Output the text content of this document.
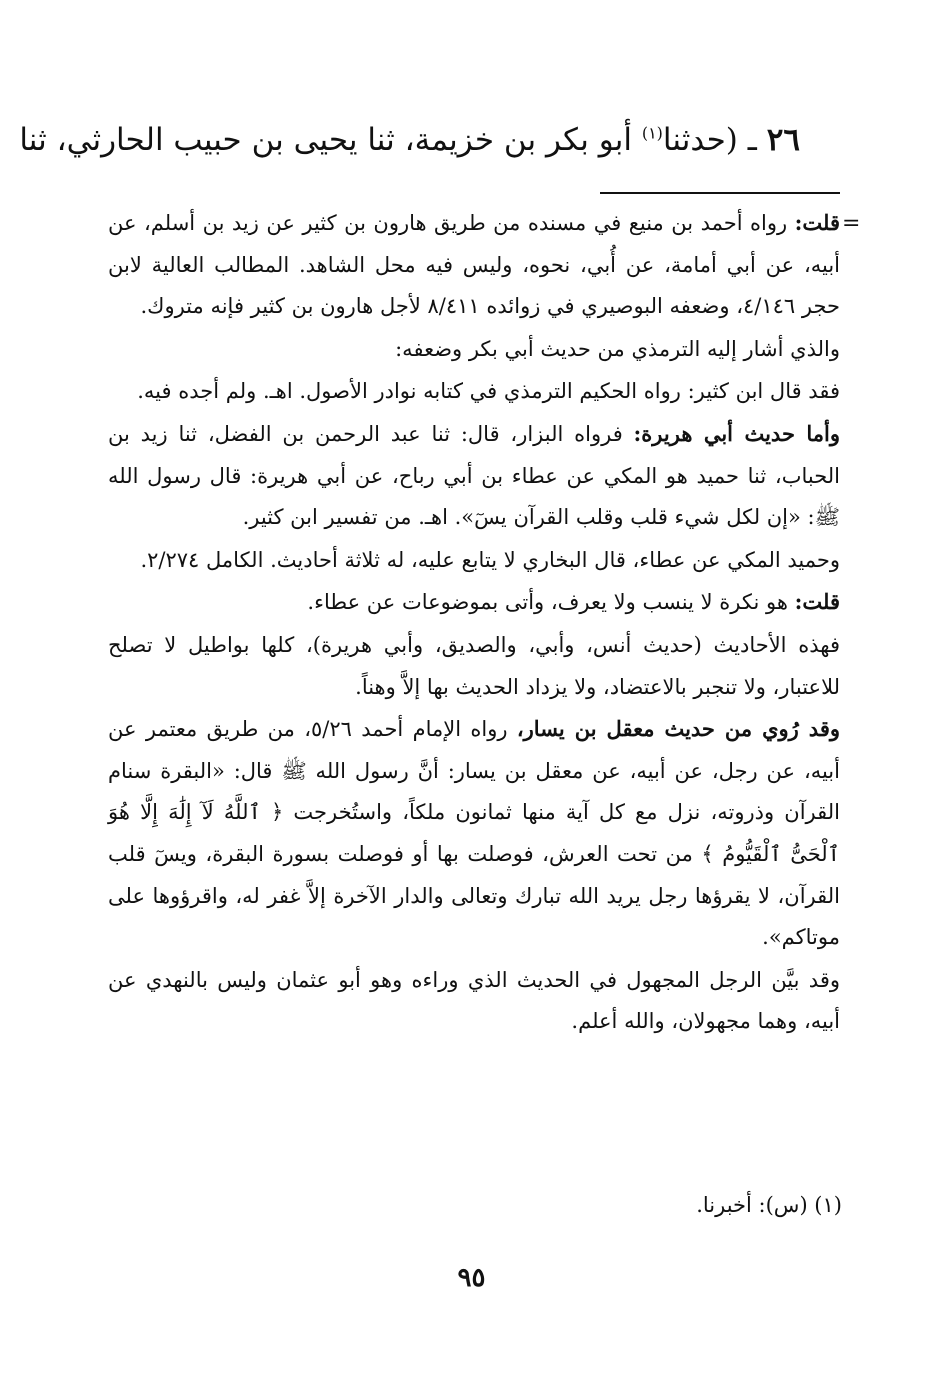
٢٦ ـ (حدثنا$^{(١)}$ أبو بكر بن خزيمة، ثنا يحيى بن حبيب الحارثي، ثنا
=

قلت: رواه أحمد بن منيع في مسنده من طريق هارون بن كثير عن زيد بن أسلم، عن أبيه، عن أبي أمامة، عن أُبي، نحوه، وليس فيه محل الشاهد. المطالب العالية لابن حجر ٤/١٤٦، وضعفه البوصيري في زوائده ٨/٤١١ لأجل هارون بن كثير فإنه متروك.

والذي أشار إليه الترمذي من حديث أبي بكر وضعفه:

فقد قال ابن كثير: رواه الحكيم الترمذي في كتابه نوادر الأصول. اهـ. ولم أجده فيه.

وأما حديث أبي هريرة: فرواه البزار، قال: ثنا عبد الرحمن بن الفضل، ثنا زيد بن الحباب، ثنا حميد هو المكي عن عطاء بن أبي رباح، عن أبي هريرة: قال رسول الله ﷺ: «إن لكل شيء قلب وقلب القرآن يسٓ». اهـ. من تفسير ابن كثير.

وحميد المكي عن عطاء، قال البخاري لا يتابع عليه، له ثلاثة أحاديث. الكامل ٢/٢٧٤.

قلت: هو نكرة لا ينسب ولا يعرف، وأتى بموضوعات عن عطاء.

فهذه الأحاديث (حديث أنس، وأبي، والصديق، وأبي هريرة)، كلها بواطيل لا تصلح للاعتبار، ولا تنجبر بالاعتضاد، ولا يزداد الحديث بها إلاَّ وهناً.

وقد رُوي من حديث معقل بن يسار، رواه الإمام أحمد ٥/٢٦، من طريق معتمر عن أبيه، عن رجل، عن أبيه، عن معقل بن يسار: أنَّ رسول الله ﷺ قال: «البقرة سنام القرآن وذروته، نزل مع كل آية منها ثمانون ملكاً، واستُخرجت ﴿ ٱللَّهُ لَآ إِلَٰهَ إِلَّا هُوَ ٱلْحَىُّ ٱلْقَيُّومُ ﴾ من تحت العرش، فوصلت بها أو فوصلت بسورة البقرة، ويسٓ قلب القرآن، لا يقرؤها رجل يريد الله تبارك وتعالى والدار الآخرة إلاَّ غفر له، واقرؤوها على موتاكم».

وقد بيَّن الرجل المجهول في الحديث الذي وراءه وهو أبو عثمان وليس بالنهدي عن أبيه، وهما مجهولان، والله أعلم.

(١) (س): أخبرنا.
٩٥
